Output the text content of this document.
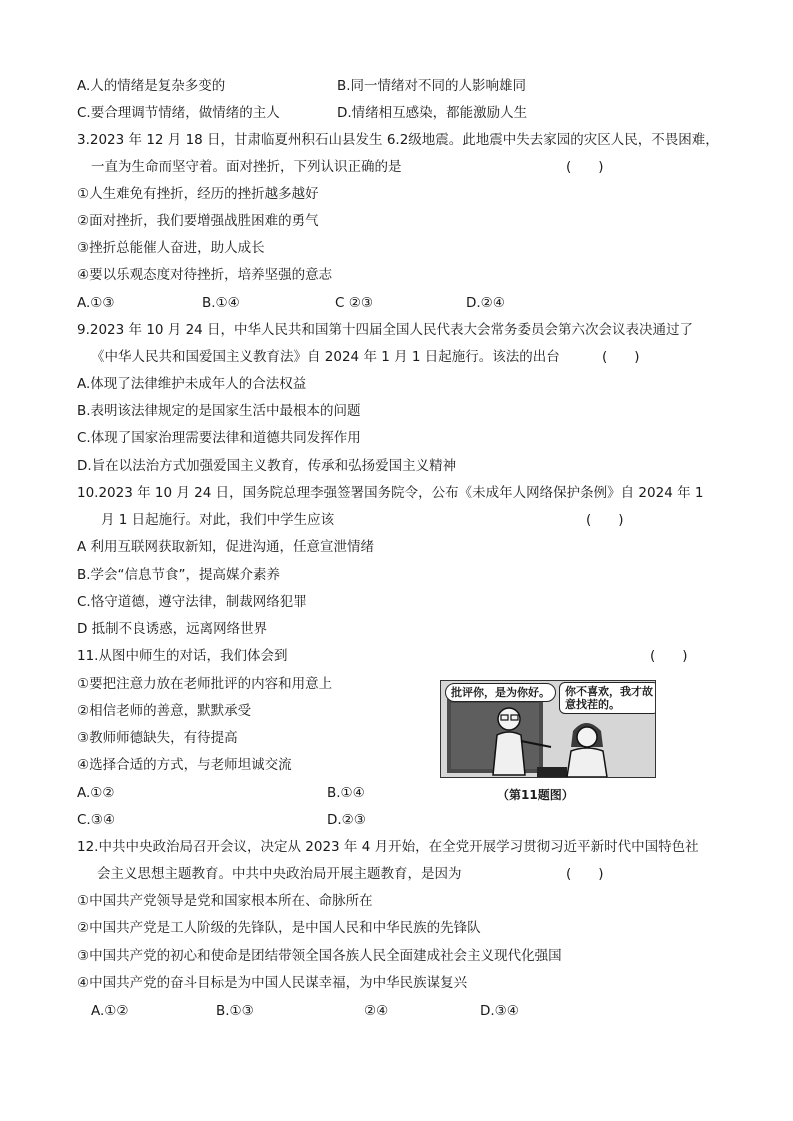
A.人的情绪是复杂多变的	B.同一情绪对不同的人影响雄同
C.要合理调节情绪，做情绪的主人	D.情绪相互感染，都能激励人生
3.2023 年 12 月 18 日，甘肃临夏州积石山县发生 6.2级地震。此地震中失去家园的灾区人民，不畏困难，
一直为生命而坚守着。面对挫折，下列认识正确的是	(　　)
①人生难免有挫折，经历的挫折越多越好
②面对挫折，我们要增强战胜困难的勇气
③挫折总能催人奋进，助人成长
④要以乐观态度对待挫折，培养坚强的意志
A.①③	B.①④	C ②③	D.②④
9.2023 年 10 月 24 日，中华人民共和国第十四届全国人民代表大会常务委员会第六次会议表决通过了
《中华人民共和国爱国主义教育法》自 2024 年 1 月 1 日起施行。该法的出台	(　　)
A.体现了法律维护未成年人的合法权益
B.表明该法律规定的是国家生活中最根本的问题
C.体现了国家治理需要法律和道德共同发挥作用
D.旨在以法治方式加强爱国主义教育，传承和弘扬爱国主义精神
10.2023 年 10 月 24 日，国务院总理李强签署国务院令，公布《未成年人网络保护条例》自 2024 年 1
月 1 日起施行。对此，我们中学生应该	(　　)
A 利用互联网获取新知，促进沟通，任意宣泄情绪
B.学会“信息节食”，提高媒介素养
C.恪守道德，遵守法律，制裁网络犯罪
D 抵制不良诱惑，远离网络世界
11.从图中师生的对话，我们体会到	(　　)
①要把注意力放在老师批评的内容和用意上
②相信老师的善意，默默承受
③教师师德缺失，有待提高
④选择合适的方式，与老师坦诚交流
A.①②	B.①④
C.③④	D.②③
批评你，是为你好。	你不喜欢，我才故
意找茬的。
（第11题图）
12.中共中央政治局召开会议，决定从 2023 年 4 月开始，在全党开展学习贯彻习近平新时代中国特色社
会主义思想主题教育。中共中央政治局开展主题教育，是因为	(　　)
①中国共产党领导是党和国家根本所在、命脉所在
②中国共产党是工人阶级的先锋队，是中国人民和中华民族的先锋队
③中国共产党的初心和使命是团结带领全国各族人民全面建成社会主义现代化强国
④中国共产党的奋斗目标是为中国人民谋幸福，为中华民族谋复兴
A.①②	B.①③	②④	D.③④
